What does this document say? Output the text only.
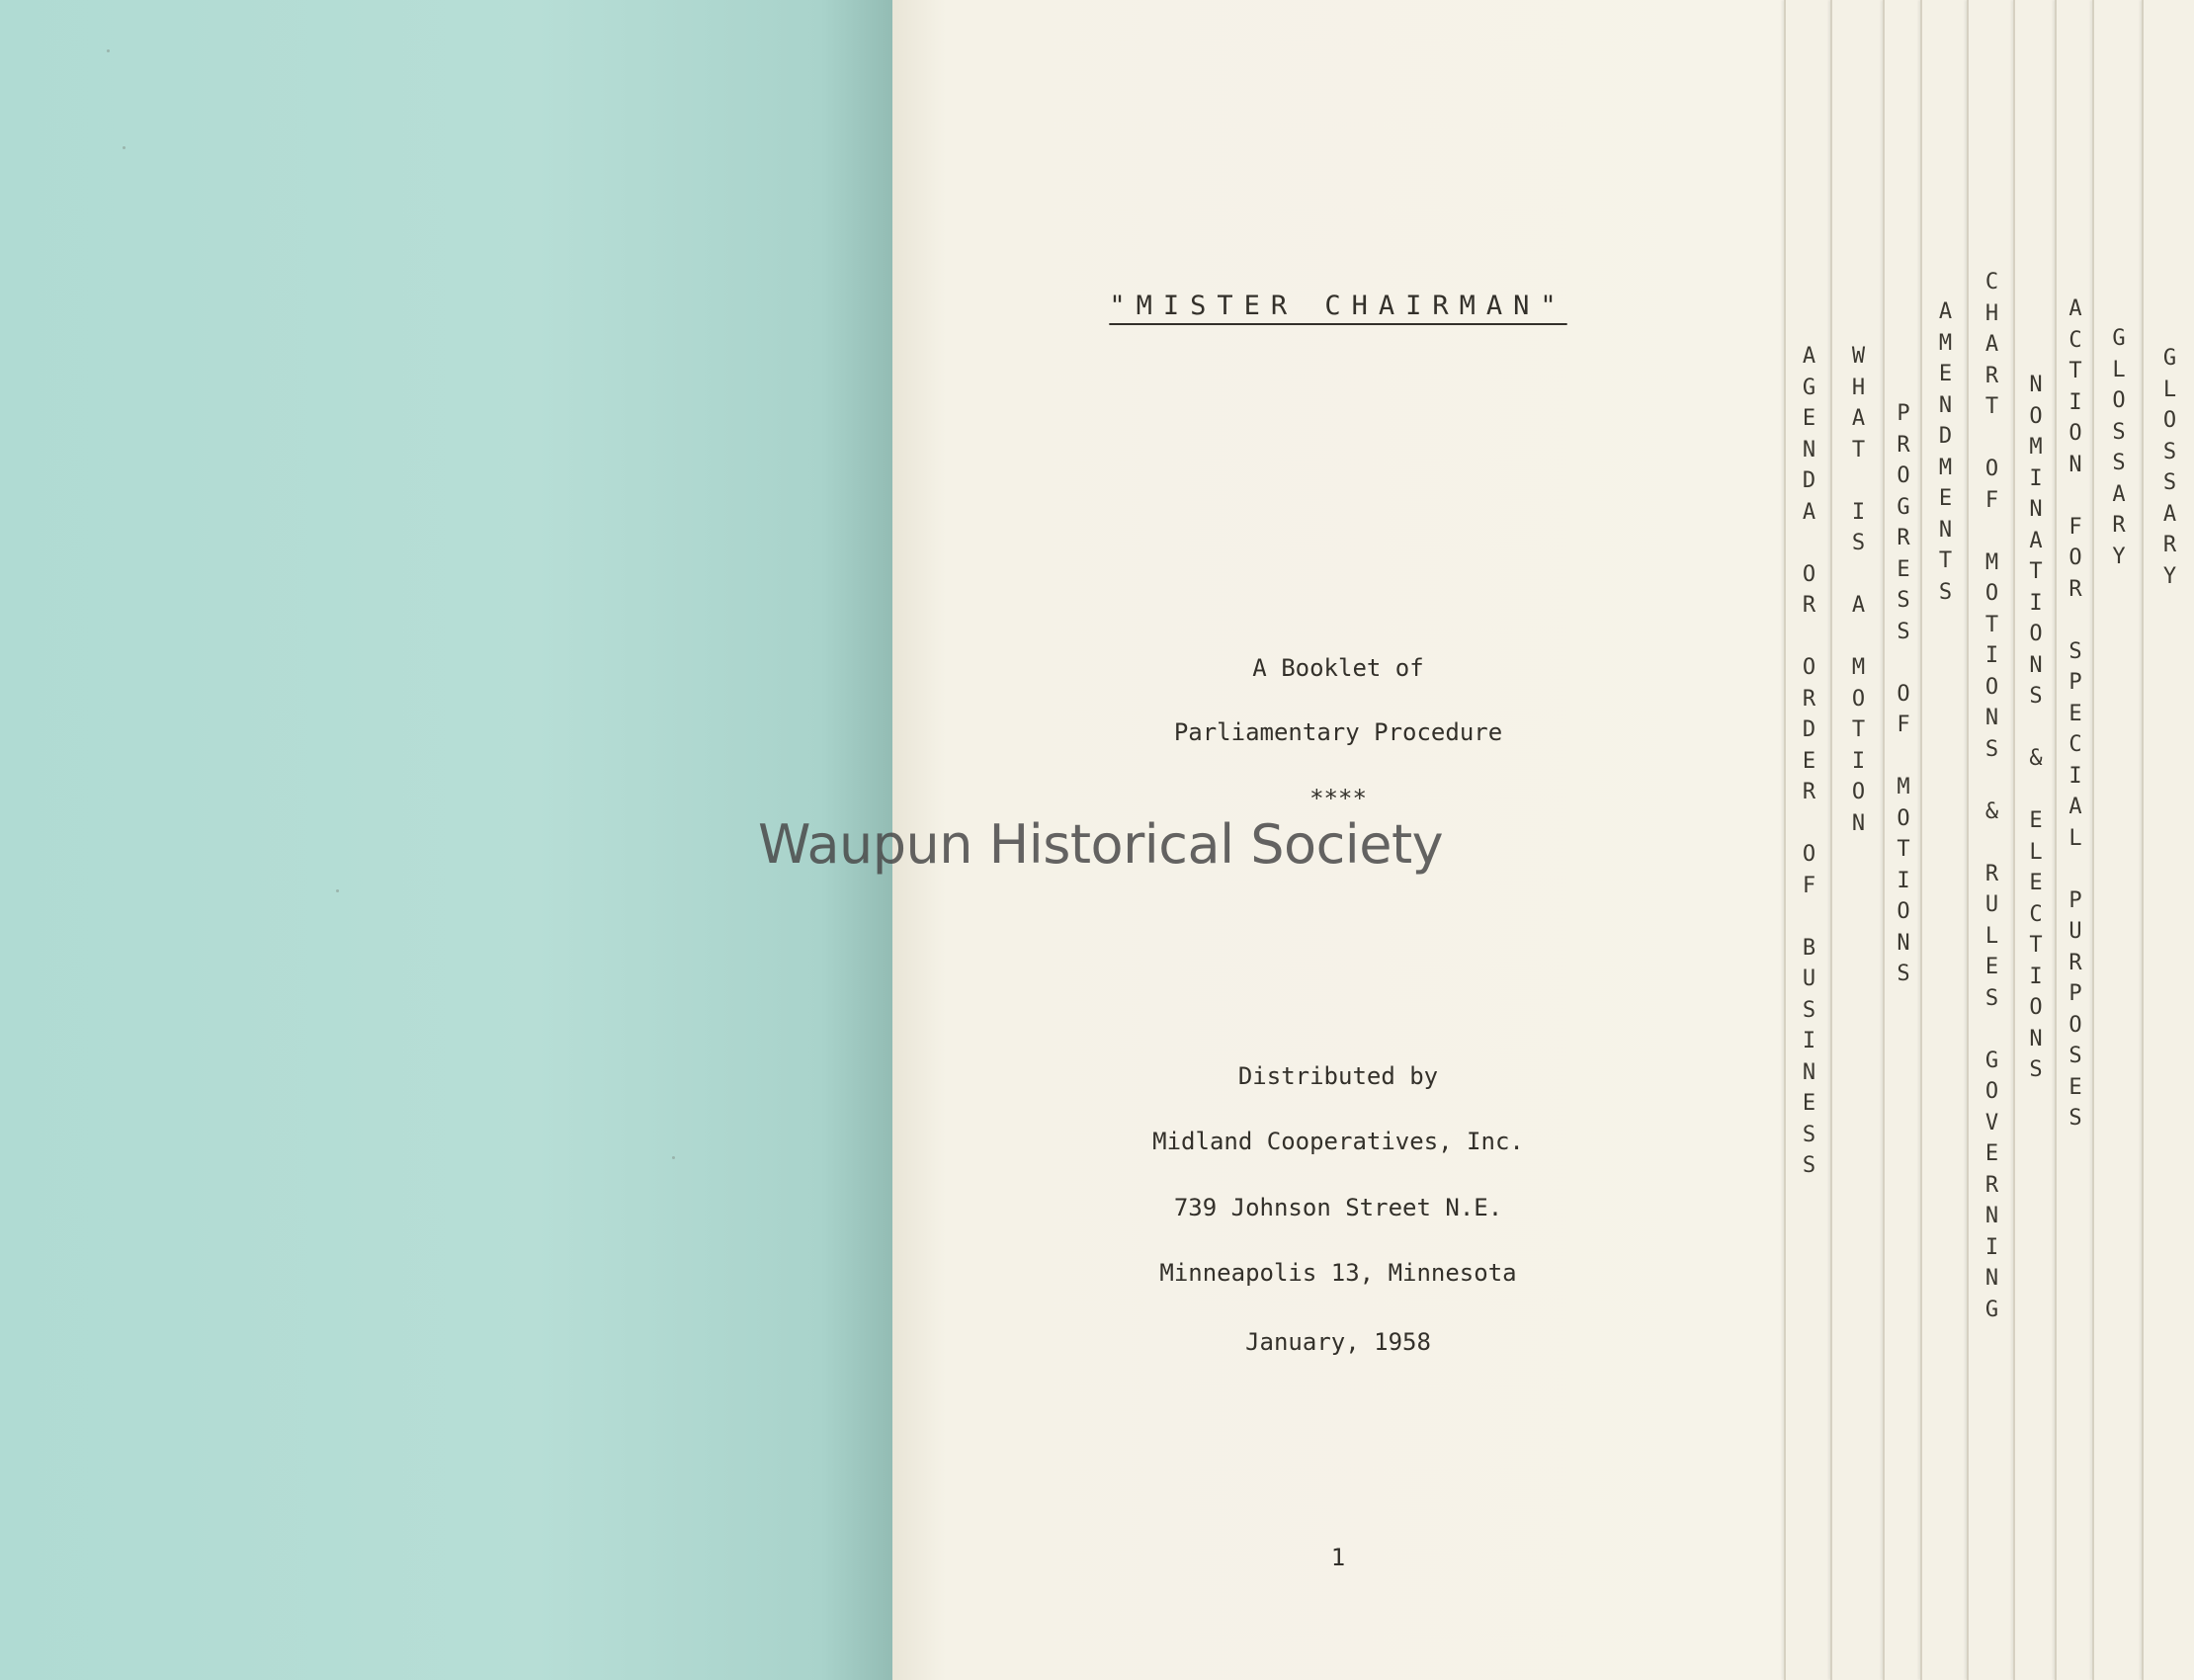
"MISTER CHAIRMAN"
A Booklet of
Parliamentary Procedure
****
Distributed by
Midland Cooperatives, Inc.
739 Johnson Street N.E.
Minneapolis 13, Minnesota
January, 1958
1
A
G
E
N
D
A

O
R

O
R
D
E
R

O
F

B
U
S
I
N
E
S
S
W
H
A
T

I
S

A

M
O
T
I
O
N
P
R
O
G
R
E
S
S

O
F

M
O
T
I
O
N
S
A
M
E
N
D
M
E
N
T
S
C
H
A
R
T

O
F

M
O
T
I
O
N
S

&

R
U
L
E
S

G
O
V
E
R
N
I
N
G
N
O
M
I
N
A
T
I
O
N
S

&

E
L
E
C
T
I
O
N
S
A
C
T
I
O
N

F
O
R

S
P
E
C
I
A
L

P
U
R
P
O
S
E
S
G
L
O
S
S
A
R
Y
G
L
O
S
S
A
R
Y
Waupun Historical Society
